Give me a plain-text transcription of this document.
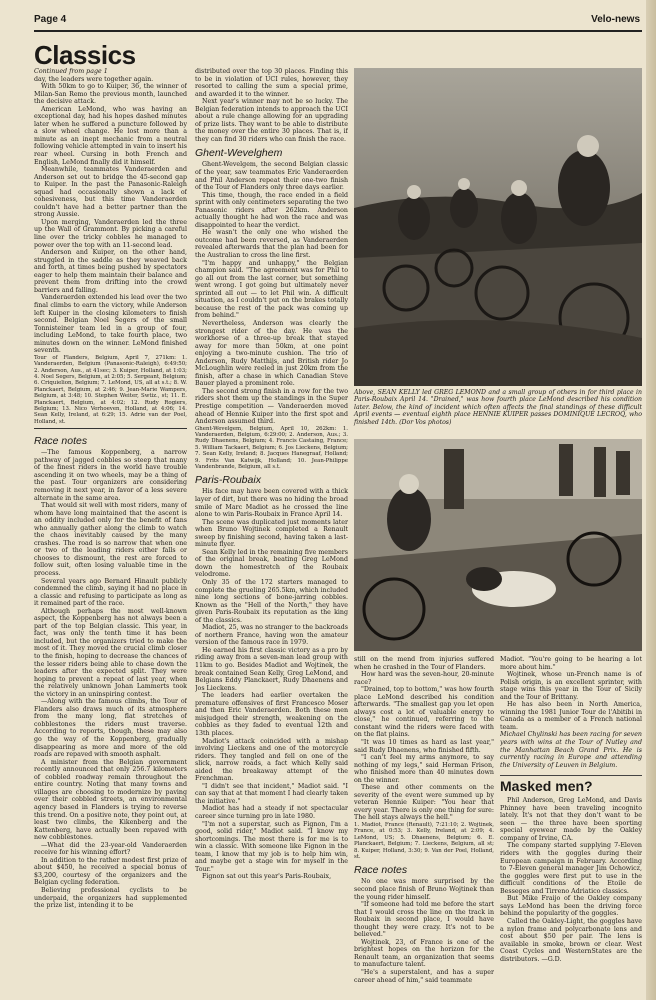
Page 4	Velo-news
Classics

Continued from page 1

day, the leaders were together again.

With 50km to go to Kuiper, 36, the winner of Milan-San Remo the previous month, launched the decisive attack.

American LeMond, who was having an exceptional day, had his hopes dashed minutes later when he suffered a puncture followed by a slow wheel change. He lost more than a minute as an inept mechanic from a neutral following vehicle attempted in vain to insert his rear wheel. Cursing in both French and English, LeMond finally did it himself.

Meanwhile, teammates Vanderaerden and Anderson set out to bridge the 45-second gap to Kuiper. In the past the Panasonic-Raleigh squad had occasionally shown a lack of cohesiveness, but this time Vanderaerden couldn't have had a better partner than the strong Aussie.

Upon merging, Vanderaerden led the three up the Wall of Grammont. By picking a careful line over the tricky cobbles he managed to power over the top with an 11-second lead.

Anderson and Kuiper, on the other hand, struggled in the saddle as they weaved back and forth, at times being pushed by spectators eager to help them maintain their balance and prevent them from drifting into the crowd barriers and falling.

Vanderaerden extended his lead over the two final climbs to earn the victory, while Anderson left Kuiper in the closing kilometers to finish second. Belgian Noel Segers of the small Tonnisteiner team led in a group of four, including LeMond, to take fourth place, two minutes down on the winner. LeMond finished seventh.

Tour of Flanders, Belgium, April 7, 271km: 1. Vanderaerden, Belgium (Panasonic-Raleigh), 6:49:50; 2. Anderson, Aus., at 41sec; 3. Kuiper, Holland, at 1:03; 4. Noel Segers, Belgium, at 2:05; 5. Sergeant, Belgium; 6. Criquielion, Belgium; 7. LeMond, US, all at s.t.; 8. W. Planckaert, Belgium, at 2:46; 9. Jean-Marie Wampers, Belgium, at 3:48; 10. Stephen Weiter, Swtiz., st; 11. E. Planckaert, Belgium, at 4:02; 12. Rudy Rogiers, Belgium; 13. Nico Verhoeven, Holland, at 4:06; 14. Sean Kelly, Ireland, at 6:29; 15. Adrie van der Poel, Holland, st.

Race notes

—The famous Koppenberg, a narrow pathway of jagged cobbles so steep that many of the finest riders in the world have trouble ascending it on two wheels, may be a thing of the past. Tour organizers are considering removing it next year, in favor of a less severe alternate in the same area.

That would sit well with most riders, many of whom have long maintained that the ascent is an oddity included only for the benefit of fans who annually gather along the climb to watch the chaos inevitably caused by the many crashes. The road is so narrow that when one or two of the leading riders either falls or chooses to dismount, the rest are forced to follow suit, often losing valuable time in the process.

Several years ago Bernard Hinault publicly condemned the climb, saying it had no place in a classic and refusing to participate as long as it remained part of the race.

Although perhaps the most well-known aspect, the Koppenberg has not always been a part of the top Belgian classic. This year, in fact, was only the tenth time it has been included, but the organizers tried to make the most of it. They moved the crucial climb closer to the finish, hoping to decrease the chances of the lesser riders being able to chase down the leaders after the expected split. They were hoping to prevent a repeat of last year, when the relatively unknown Johan Lammerts took the victory in an uninspiring contest.

—Along with the famous climbs, the Tour of Flanders also draws much of its atmosphere from the many long, flat stretches of cobblestones the riders must traverse. According to reports, though, these may also go the way of the Koppenberg, gradually disappearing as more and more of the old roads are repaved with smooth asphalt.

A minister from the Belgian government recently announced that only 256.7 kilometers of cobbled roadway remain throughout the entire country. Noting that many towns and villages are choosing to modernize by paving over their cobbled streets, an environmental agency based in Flanders is trying to reverse this trend. On a positive note, they point out, at least two climbs, the Kikenberg and the Kattenberg, have actually been repaved with new cobblestones.

—What did the 23-year-old Vanderaerden receive for his winning effort?

In addition to the rather modest first prize of about $450, he received a special bonus of $3,200, courtesy of the organizers and the Belgian cycling federation.

Believing professional cyclists to be underpaid, the organizers had supplemented the prize list, intending it to be

distributed over the top 30 places. Finding this to be in violation of UCI rules, however, they resorted to calling the sum a special prime, and awarded it to the winner.

Next year's winner may not be so lucky. The Belgian federation intends to approach the UCI about a rule change allowing for an upgrading of prize lists. They want to be able to distribute the money over the entire 30 places. That is, if they can find 30 riders who can finish the race.

Ghent-Wevelghem

Ghent-Wevelgem, the second Belgian classic of the year, saw teammates Eric Vanderaerden and Phil Anderson repeat their one-two finish of the Tour of Flanders only three days earlier.

This time, though, the race ended in a field sprint with only centimeters separating the two Panasonic riders after 262km. Anderson actually thought he had won the race and was disappointed to hear the verdict.

He wasn't the only one who wished the outcome had been reversed, as Vanderaerden revealed afterwards that the plan had been for the Australian to cross the line first.

"I'm happy and unhappy," the Belgian champion said. "The agreement was for Phil to go all out from the last corner, but something went wrong. I got going but ultimately never sprinted all out — to let Phil win. A difficult situation, as I couldn't put on the brakes totally because the rest of the pack was coming up from behind."

Nevertheless, Anderson was clearly the strongest rider of the day. He was the workhorse of a three-up break that stayed away for more than 50km, at one point enjoying a two-minute cushion. The trio of Anderson, Rudy Matthijs, and British rider Jo McLoughlin were reeled in just 20km from the finish, after a chase in which Canadian Steve Bauer played a prominent role.

The second strong finish in a row for the two riders shot them up the standings in the Super Prestige competition — Vanderaerden moved ahead of Hennie Kuiper into the first spot and Anderson assumed third.

Ghent-Wevelgem, Belgium, April 10, 262km: 1. Vanderaerden, Belgium, 6:29:00; 2. Anderson, Aus.; 3. Rudy Dhaenens, Belgium; 4. Francis Castaing, France; 5. William Tackaert, Belgium; 6. Jos Lieckens, Belgium; 7. Sean Kelly, Ireland; 8. Jacques Hanegraaf, Holland; 9. Frits Van Katwijk, Holland; 10. Jean-Philippe Vandenbrande, Belgium, all s.t.

Paris-Roubaix

His face may have been covered with a thick layer of dirt, but there was no hiding the broad smile of Marc Madiot as he crossed the line alone to win Paris-Roubaix in France April 14.

The scene was duplicated just moments later when Bruno Wojtinek completed a Renault sweep by finishing second, having taken a last-minute flyer.

Sean Kelly led in the remaining five members of the original break, beating Greg LeMond down the homestretch of the Roubaix velodrome.

Only 35 of the 172 starters managed to complete the grueling 265.5km, which included nine long sections of bone-jarring cobbles. Known as the "Hell of the North," they have given Paris-Roubaix its reputation as the king of the classics.

Madiot, 25, was no stranger to the backroads of northern France, having won the amateur version of the famous race in 1979.

He earned his first classic victory as a pro by riding away from a seven-man lead group with 11km to go. Besides Madiot and Wojtinek, the break contained Sean Kelly, Greg LeMond, and Belgians Eddy Planckaert, Rudy Dhaenens and Jos Lieckens.

The leaders had earlier overtaken the premature offensives of first Francesco Moser and then Eric Vanderaerden. Both these men misjudged their strength, weakening on the cobbles as they faded to eventual 12th and 13th places.

Madiot's attack coincided with a mishap involving Lieckens and one of the motorcycle riders. They tangled and fell on one of the slick, narrow roads, a fact which Kelly said aided the breakaway attempt of the Frenchman.

"I didn't see that incident," Madiot said. "I can say that at that moment I had clearly taken the initiative."

Madiot has had a steady if not spectacular career since turning pro in late 1980.

"I'm not a superstar, such as Fignon, I'm a good, solid rider," Madiot said. "I know my shortcomings. The most there is for me is to win a classic. With someone like Fignon in the team, I know that my job is to help him win, and maybe get a stage win for myself in the Tour."

Fignon sat out this year's Paris-Roubaix,

Above, SEAN KELLY led GREG LEMOND and a small group of others in for third place in Paris-Roubaix April 14. "Drained," was how fourth place LeMond described his condition later. Below, the kind of incident which often affects the final standings of these difficult April events — eventual eighth place HENNIE KUIPER passes DOMINIQUE LECROQ, who finished 14th. (Dor Vos photos)

still on the mend from injuries suffered when he crashed in the Tour of Flanders.

How hard was the seven-hour, 20-minute race?

"Drained, top to bottom," was how fourth place LeMond described his condition afterwards. "The smallest gap you let open always cost a lot of valuable energy to close," he continued, referring to the constant wind the riders were faced with on the flat plains.

"It was 10 times as hard as last year," said Rudy Dhaenens, who finished fifth.

"I can't feel my arms anymore, to say nothing of my legs," said Herman Frison, who finished more than 40 minutes down on the winner.

These and other comments on the severity of the event were summed up by veteran Hennie Kuiper: "You hear that every year. There is only one thing for sure: The hell stays always the hell."

1. Madiot, France (Renault), 7:21:10; 2. Wojtinek, France, at 0:53; 3. Kelly, Ireland, at 2:09; 4. LeMond, US; 5. Dhaenens, Belgium; 6. E. Planckaert, Belgium; 7. Lieckens, Belgium, all st; 8. Kuiper, Holland, 3:30; 9. Van der Poel, Holland, st.

Race notes

No one was more surprised by the second place finish of Bruno Wojtinek than the young rider himself.

"If someone had told me before the start that I would cross the line on the track in Roubaix in second place, I would have thought they were crazy. It's not to be believed."

Wojtinek, 23, of France is one of the brightest hopes on the horizon for the Renault team, an organization that seems to manufacture talent.

"He's a superstalent, and has a super career ahead of him," said teammate

Madiot. "You're going to be hearing a lot more about him."

Wojtinek, whose un-French name is of Polish origin, is an excellent sprinter, with stage wins this year in the Tour of Sicily and the Tour of Brittany.

He has also been in North America, winning the 1981 Junior Tour de l'Abitibi in Canada as a member of a French national team.

Michael Chylinski has been racing for seven years with wins at the Tour of Nutley and the Manhattan Beach Grand Prix. He is currently racing in Europe and attending the University of Leuven in Belgium.

Masked men?

Phil Anderson, Greg LeMond, and Davis Phinney have been traveling incognito lately. It's not that they don't want to be seen — the three have been sporting special eyewear made by the Oakley company of Irvine, CA.

The company started supplying 7-Eleven riders with the goggles during their European campaign in February. According to 7-Eleven general manager Jim Ochowicz, the goggles were first put to use in the difficult conditions of the Etoile de Besseges and Tirreno Adriatico classics.

But Mike Fraijo of the Oakley company says LeMond has been the driving force behind the popularity of the goggles.

Called the Oakley-Light, the goggles have a nylon frame and polycarbonate lens and cost about $50 per pair. The lens is available in smoke, brown or clear. West Coast Cycles and WesternStates are the distributors. —G.D.
